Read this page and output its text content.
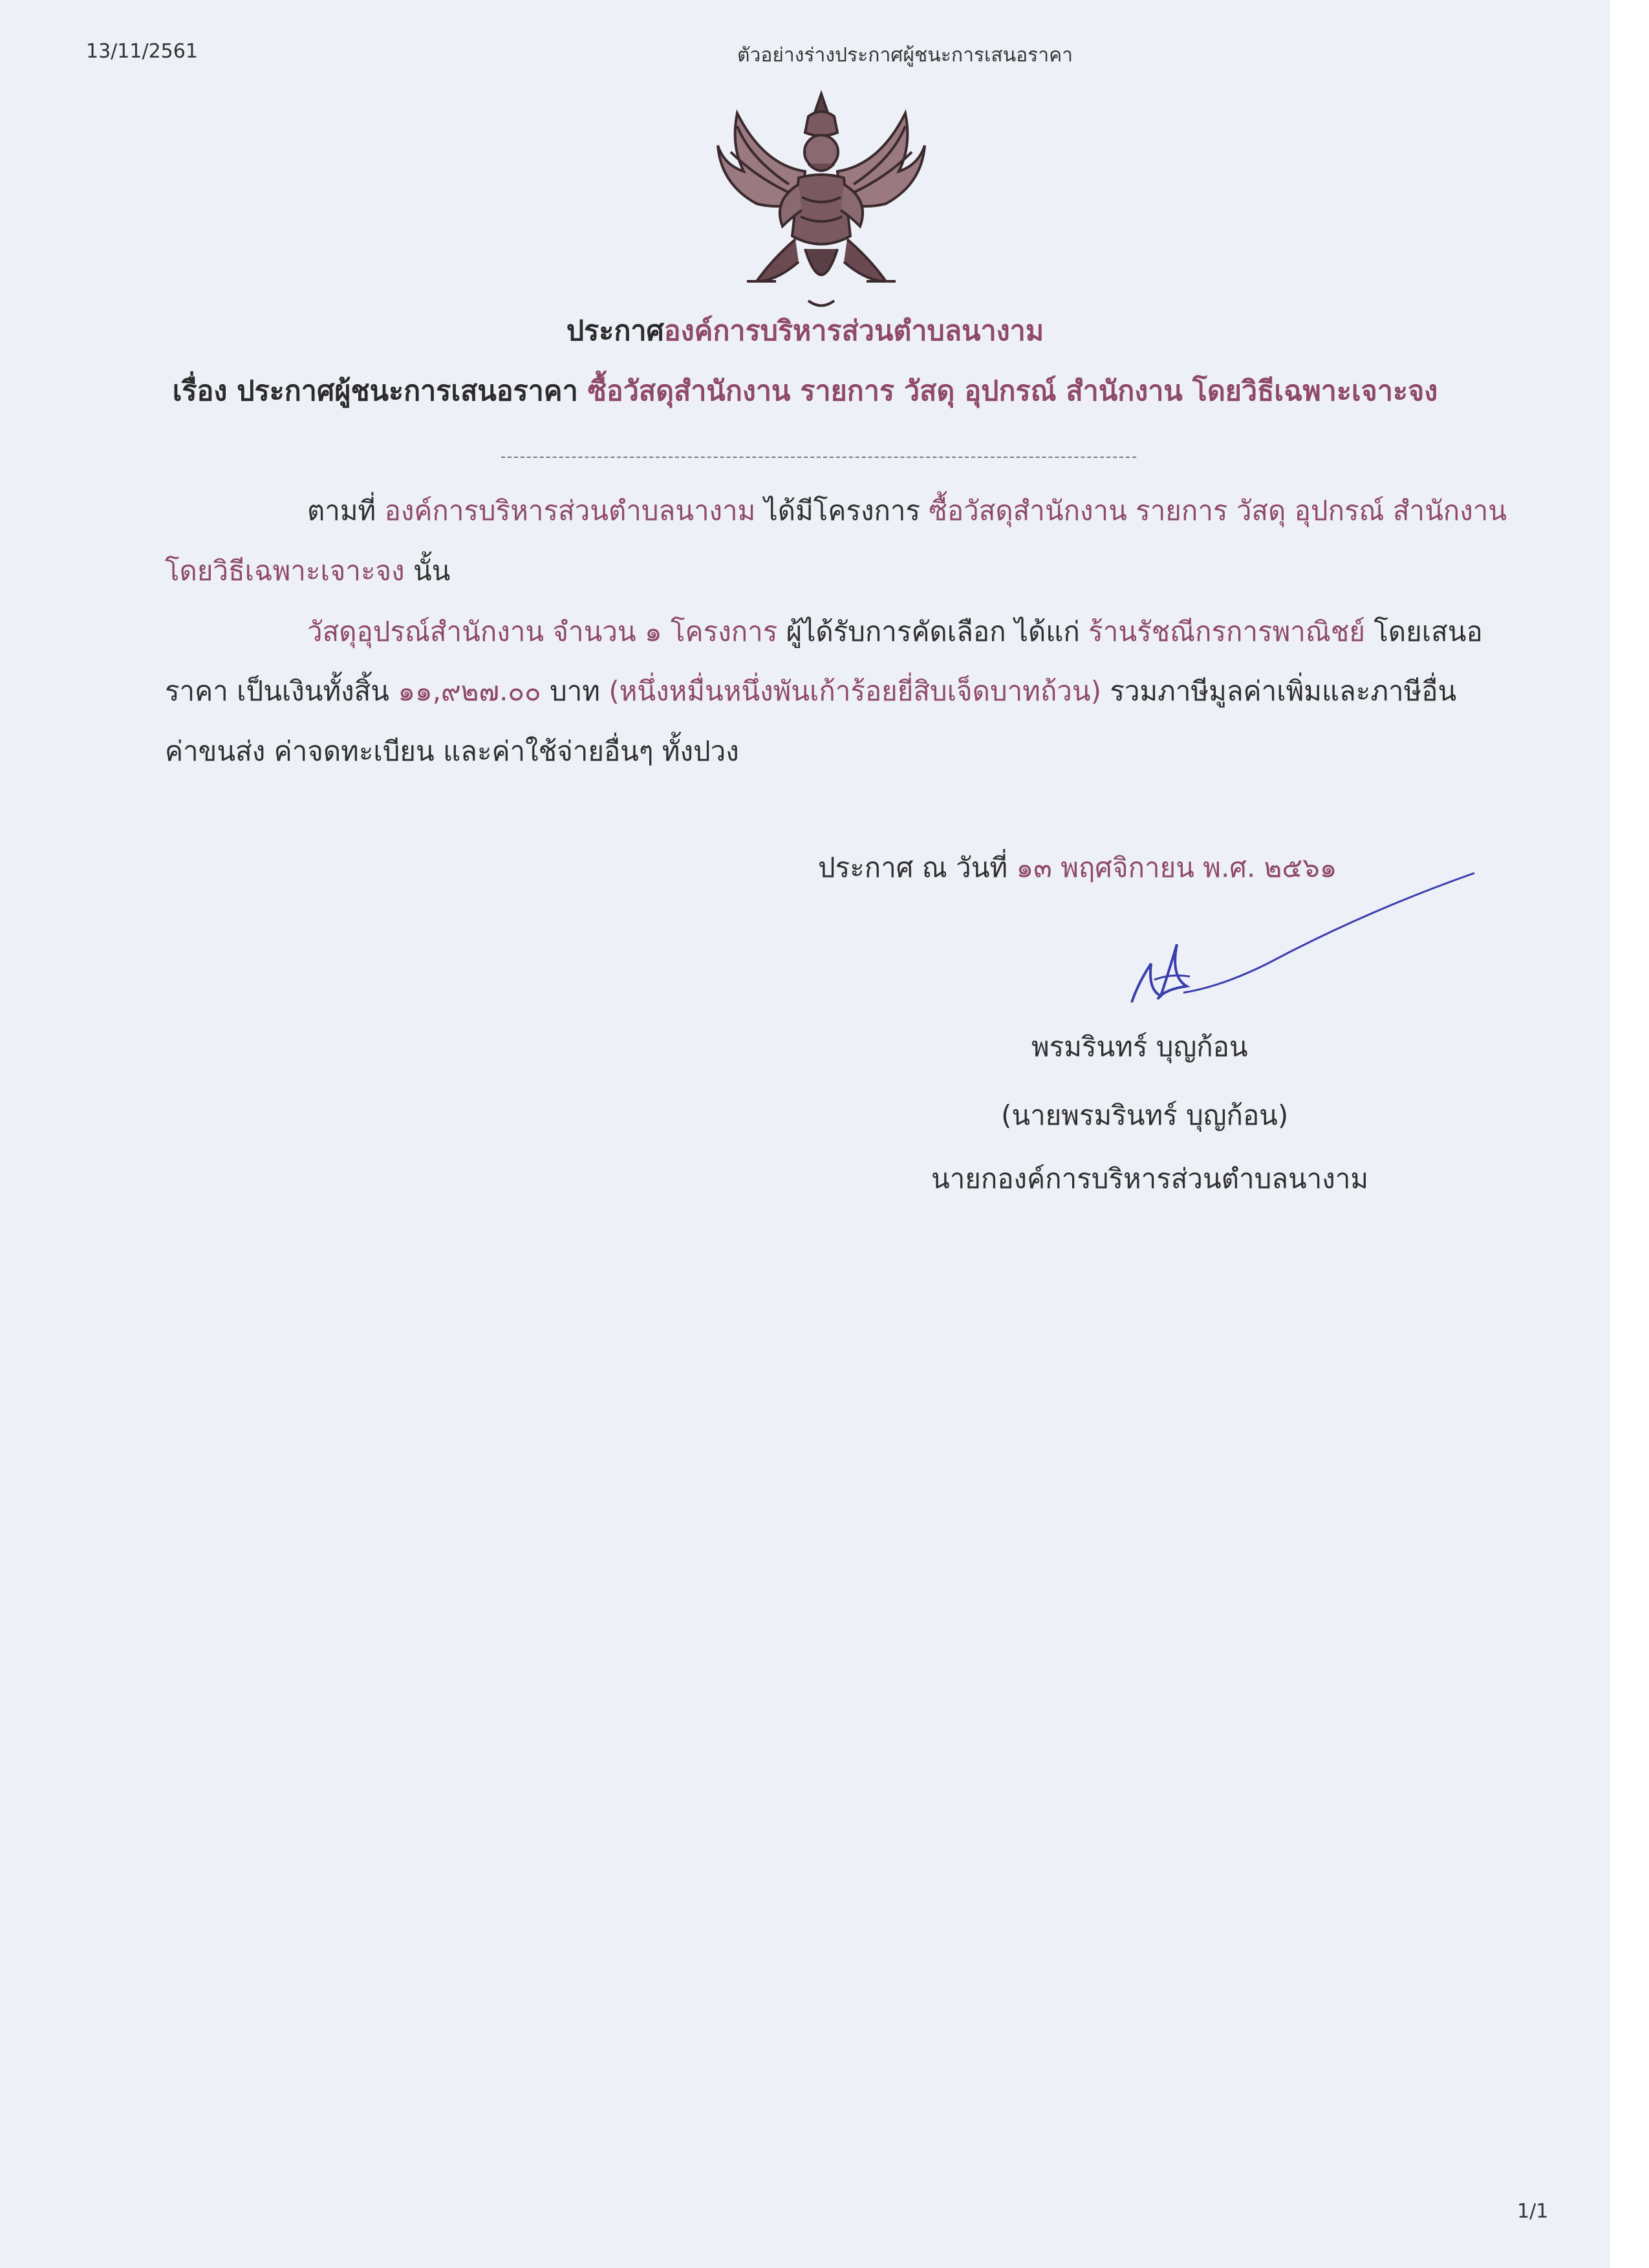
13/11/2561	ตัวอย่างร่างประกาศผู้ชนะการเสนอราคา
ประกาศองค์การบริหารส่วนตำบลนางาม
เรื่อง ประกาศผู้ชนะการเสนอราคา ซื้อวัสดุสำนักงาน รายการ วัสดุ อุปกรณ์ สำนักงาน โดยวิธีเฉพาะเจาะจง
ตามที่ องค์การบริหารส่วนตำบลนางาม ได้มีโครงการ ซื้อวัสดุสำนักงาน รายการ วัสดุ อุปกรณ์ สำนักงาน
โดยวิธีเฉพาะเจาะจง นั้น
วัสดุอุปรณ์สำนักงาน จำนวน ๑ โครงการ ผู้ได้รับการคัดเลือก ได้แก่ ร้านรัชณีกรการพาณิชย์ โดยเสนอ
ราคา เป็นเงินทั้งสิ้น ๑๑,๙๒๗.๐๐ บาท (หนึ่งหมื่นหนึ่งพันเก้าร้อยยี่สิบเจ็ดบาทถ้วน) รวมภาษีมูลค่าเพิ่มและภาษีอื่น
ค่าขนส่ง ค่าจดทะเบียน และค่าใช้จ่ายอื่นๆ ทั้งปวง
ประกาศ ณ วันที่ ๑๓ พฤศจิกายน พ.ศ. ๒๕๖๑
พรมรินทร์ บุญก้อน
(นายพรมรินทร์ บุญก้อน)
นายกองค์การบริหารส่วนตำบลนางาม
1/1
